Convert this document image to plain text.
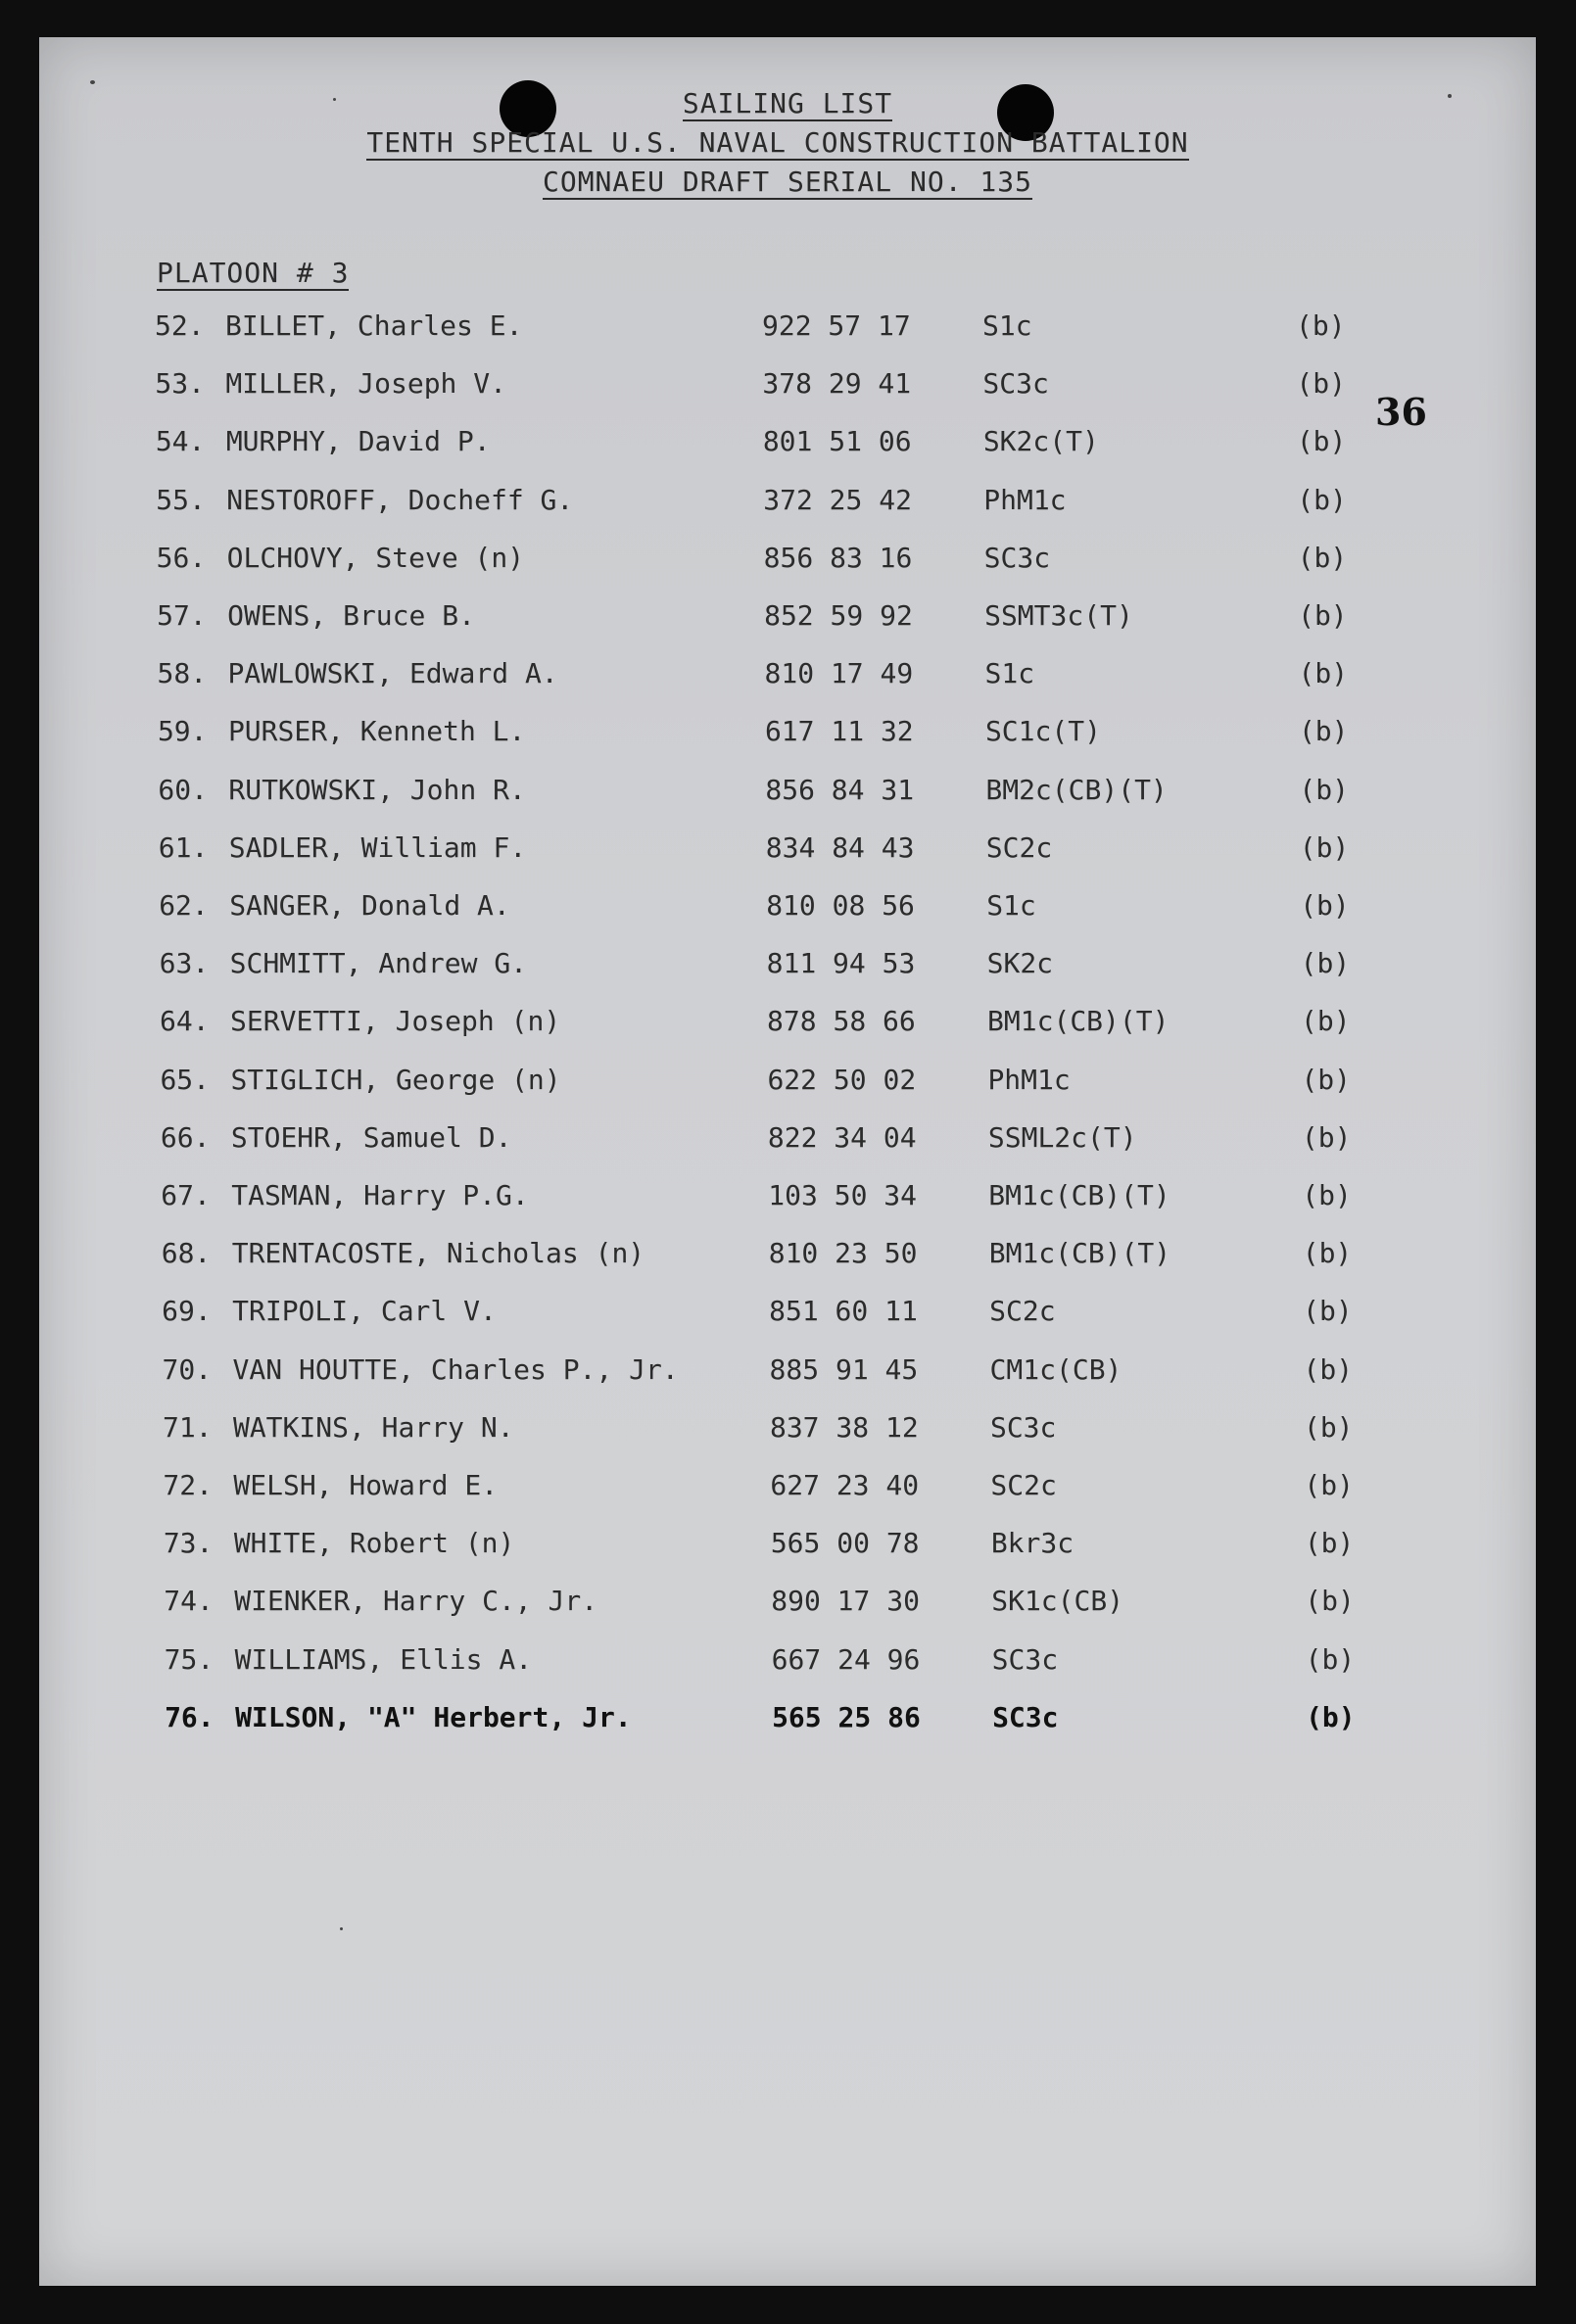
SAILING LIST
TENTH SPECIAL U.S. NAVAL CONSTRUCTION BATTALION
COMNAEU DRAFT SERIAL NO. 135
PLATOON # 3
36
52. BILLET, Charles E.	922 57 17	S1c	(b)
53. MILLER, Joseph V.	378 29 41	SC3c	(b)
54. MURPHY, David P.	801 51 06	SK2c(T)	(b)
55. NESTOROFF, Docheff G.	372 25 42	PhM1c	(b)
56. OLCHOVY, Steve (n)	856 83 16	SC3c	(b)
57. OWENS, Bruce B.	852 59 92	SSMT3c(T)	(b)
58. PAWLOWSKI, Edward A.	810 17 49	S1c	(b)
59. PURSER, Kenneth L.	617 11 32	SC1c(T)	(b)
60. RUTKOWSKI, John R.	856 84 31	BM2c(CB)(T)	(b)
61. SADLER, William F.	834 84 43	SC2c	(b)
62. SANGER, Donald A.	810 08 56	S1c	(b)
63. SCHMITT, Andrew G.	811 94 53	SK2c	(b)
64. SERVETTI, Joseph (n)	878 58 66	BM1c(CB)(T)	(b)
65. STIGLICH, George (n)	622 50 02	PhM1c	(b)
66. STOEHR, Samuel D.	822 34 04	SSML2c(T)	(b)
67. TASMAN, Harry P.G.	103 50 34	BM1c(CB)(T)	(b)
68. TRENTACOSTE, Nicholas (n)	810 23 50	BM1c(CB)(T)	(b)
69. TRIPOLI, Carl V.	851 60 11	SC2c	(b)
70. VAN HOUTTE, Charles P., Jr.	885 91 45	CM1c(CB)	(b)
71. WATKINS, Harry N.	837 38 12	SC3c	(b)
72. WELSH, Howard E.	627 23 40	SC2c	(b)
73. WHITE, Robert (n)	565 00 78	Bkr3c	(b)
74. WIENKER, Harry C., Jr.	890 17 30	SK1c(CB)	(b)
75. WILLIAMS, Ellis A.	667 24 96	SC3c	(b)
76. WILSON, "A" Herbert, Jr.	565 25 86	SC3c	(b)
